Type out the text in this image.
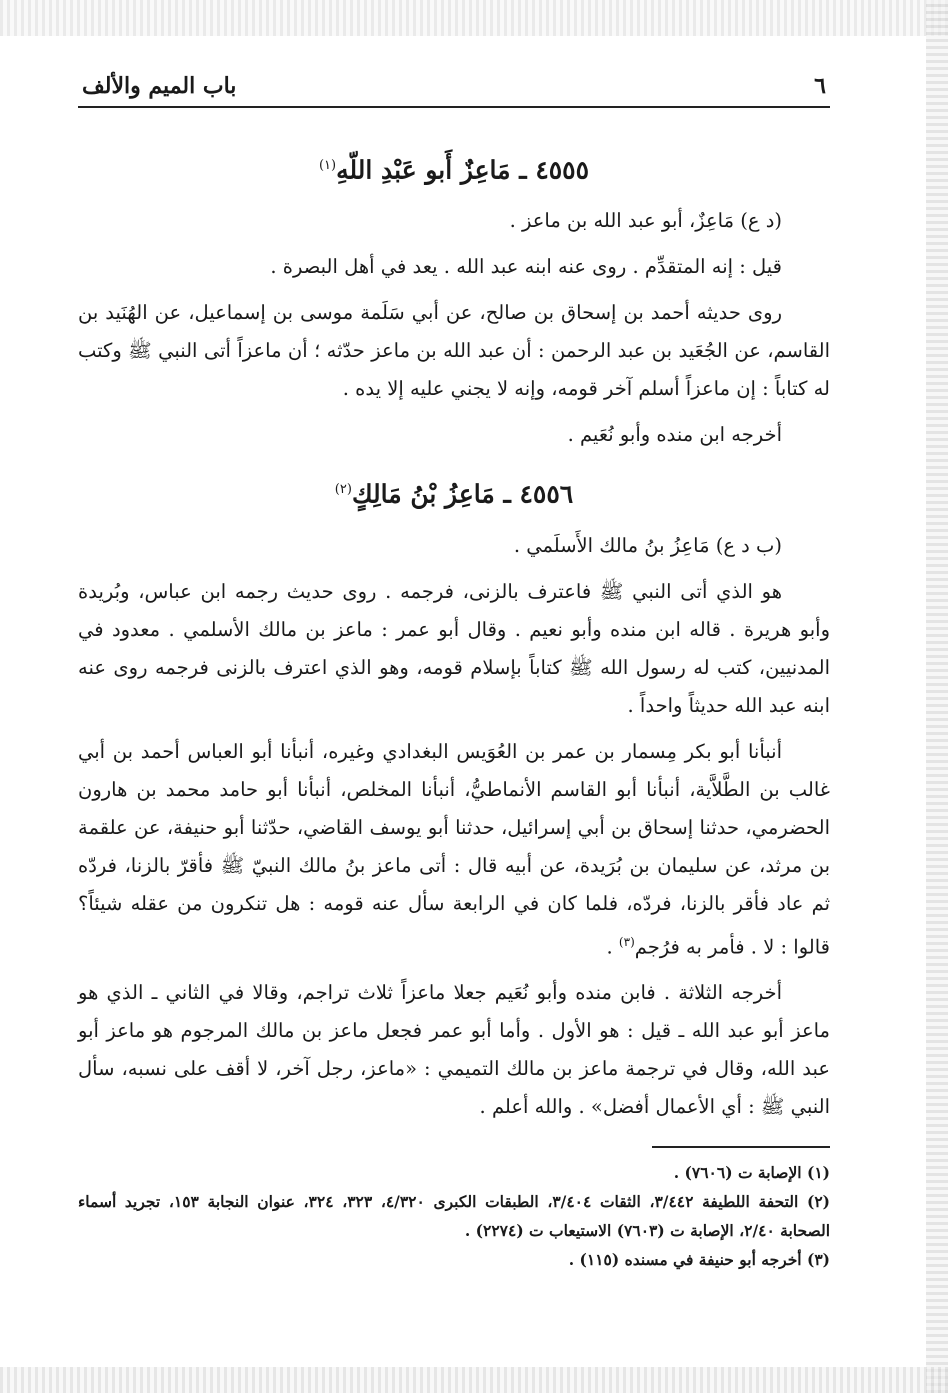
٦
باب الميم والألف
٤٥٥٥ ـ مَاعِزٌ أَبو عَبْدِ اللّهِ$^{(١)}$

(د ع) مَاعِزٌ، أبو عبد الله بن ماعز .

قيل : إنه المتقدِّم . روى عنه ابنه عبد الله . يعد في أهل البصرة .

روى حديثه أحمد بن إسحاق بن صالح، عن أبي سَلَمة موسى بن إسماعيل، عن الهُنَيد بن القاسم، عن الجُعَيد بن عبد الرحمن : أن عبد الله بن ماعز حدّثه ؛ أن ماعزاً أتى النبي ﷺ وكتب له كتاباً : إن ماعزاً أسلم آخر قومه، وإنه لا يجني عليه إلا يده .

أخرجه ابن منده وأبو نُعَيم .

٤٥٥٦ ـ مَاعِزُ بْنُ مَالِكٍ$^{(٢)}$

(ب د ع) مَاعِزُ بنُ مالك الأَسلَمي .

هو الذي أتى النبي ﷺ فاعترف بالزنى، فرجمه . روى حديث رجمه ابن عباس، وبُريدة وأبو هريرة . قاله ابن منده وأبو نعيم . وقال أبو عمر : ماعز بن مالك الأسلمي . معدود في المدنيين، كتب له رسول الله ﷺ كتاباً بإسلام قومه، وهو الذي اعترف بالزنى فرجمه روى عنه ابنه عبد الله حديثاً واحداً .

أنبأنا أبو بكر مِسمار بن عمر بن العُوَيس البغدادي وغيره، أنبأنا أبو العباس أحمد بن أبي غالب بن الطَّلاَّية، أنبأنا أبو القاسم الأنماطيُّ، أنبأنا المخلص، أنبأنا أبو حامد محمد بن هارون الحضرمي، حدثنا إسحاق بن أبي إسرائيل، حدثنا أبو يوسف القاضي، حدّثنا أبو حنيفة، عن علقمة بن مرثد، عن سليمان بن بُرَيدة، عن أبيه قال : أتى ماعز بنُ مالك النبيّ ﷺ فأقرّ بالزنا، فردّه ثم عاد فأقر بالزنا، فردّه، فلما كان في الرابعة سأل عنه قومه : هل تنكرون من عقله شيئاً؟ قالوا : لا . فأمر به فرُجم$^{(٣)}$ .

أخرجه الثلاثة . فابن منده وأبو نُعَيم جعلا ماعزاً ثلاث تراجم، وقالا في الثاني ـ الذي هو ماعز أبو عبد الله ـ قيل : هو الأول . وأما أبو عمر فجعل ماعز بن مالك المرجوم هو ماعز أبو عبد الله، وقال في ترجمة ماعز بن مالك التميمي : «ماعز، رجل آخر، لا أقف على نسبه، سأل النبي ﷺ : أي الأعمال أفضل» . والله أعلم .

(١) الإصابة ت (٧٦٠٦) .

(٢) التحفة اللطيفة ٣/٤٤٢، الثقات ٣/٤٠٤، الطبقات الكبرى ٤/٣٢٠، ٣٢٣، ٣٢٤، عنوان النجابة ١٥٣، تجريد أسماء الصحابة ٢/٤٠، الإصابة ت (٧٦٠٣) الاستيعاب ت (٢٢٧٤) .

(٣) أخرجه أبو حنيفة في مسنده (١١٥) .
